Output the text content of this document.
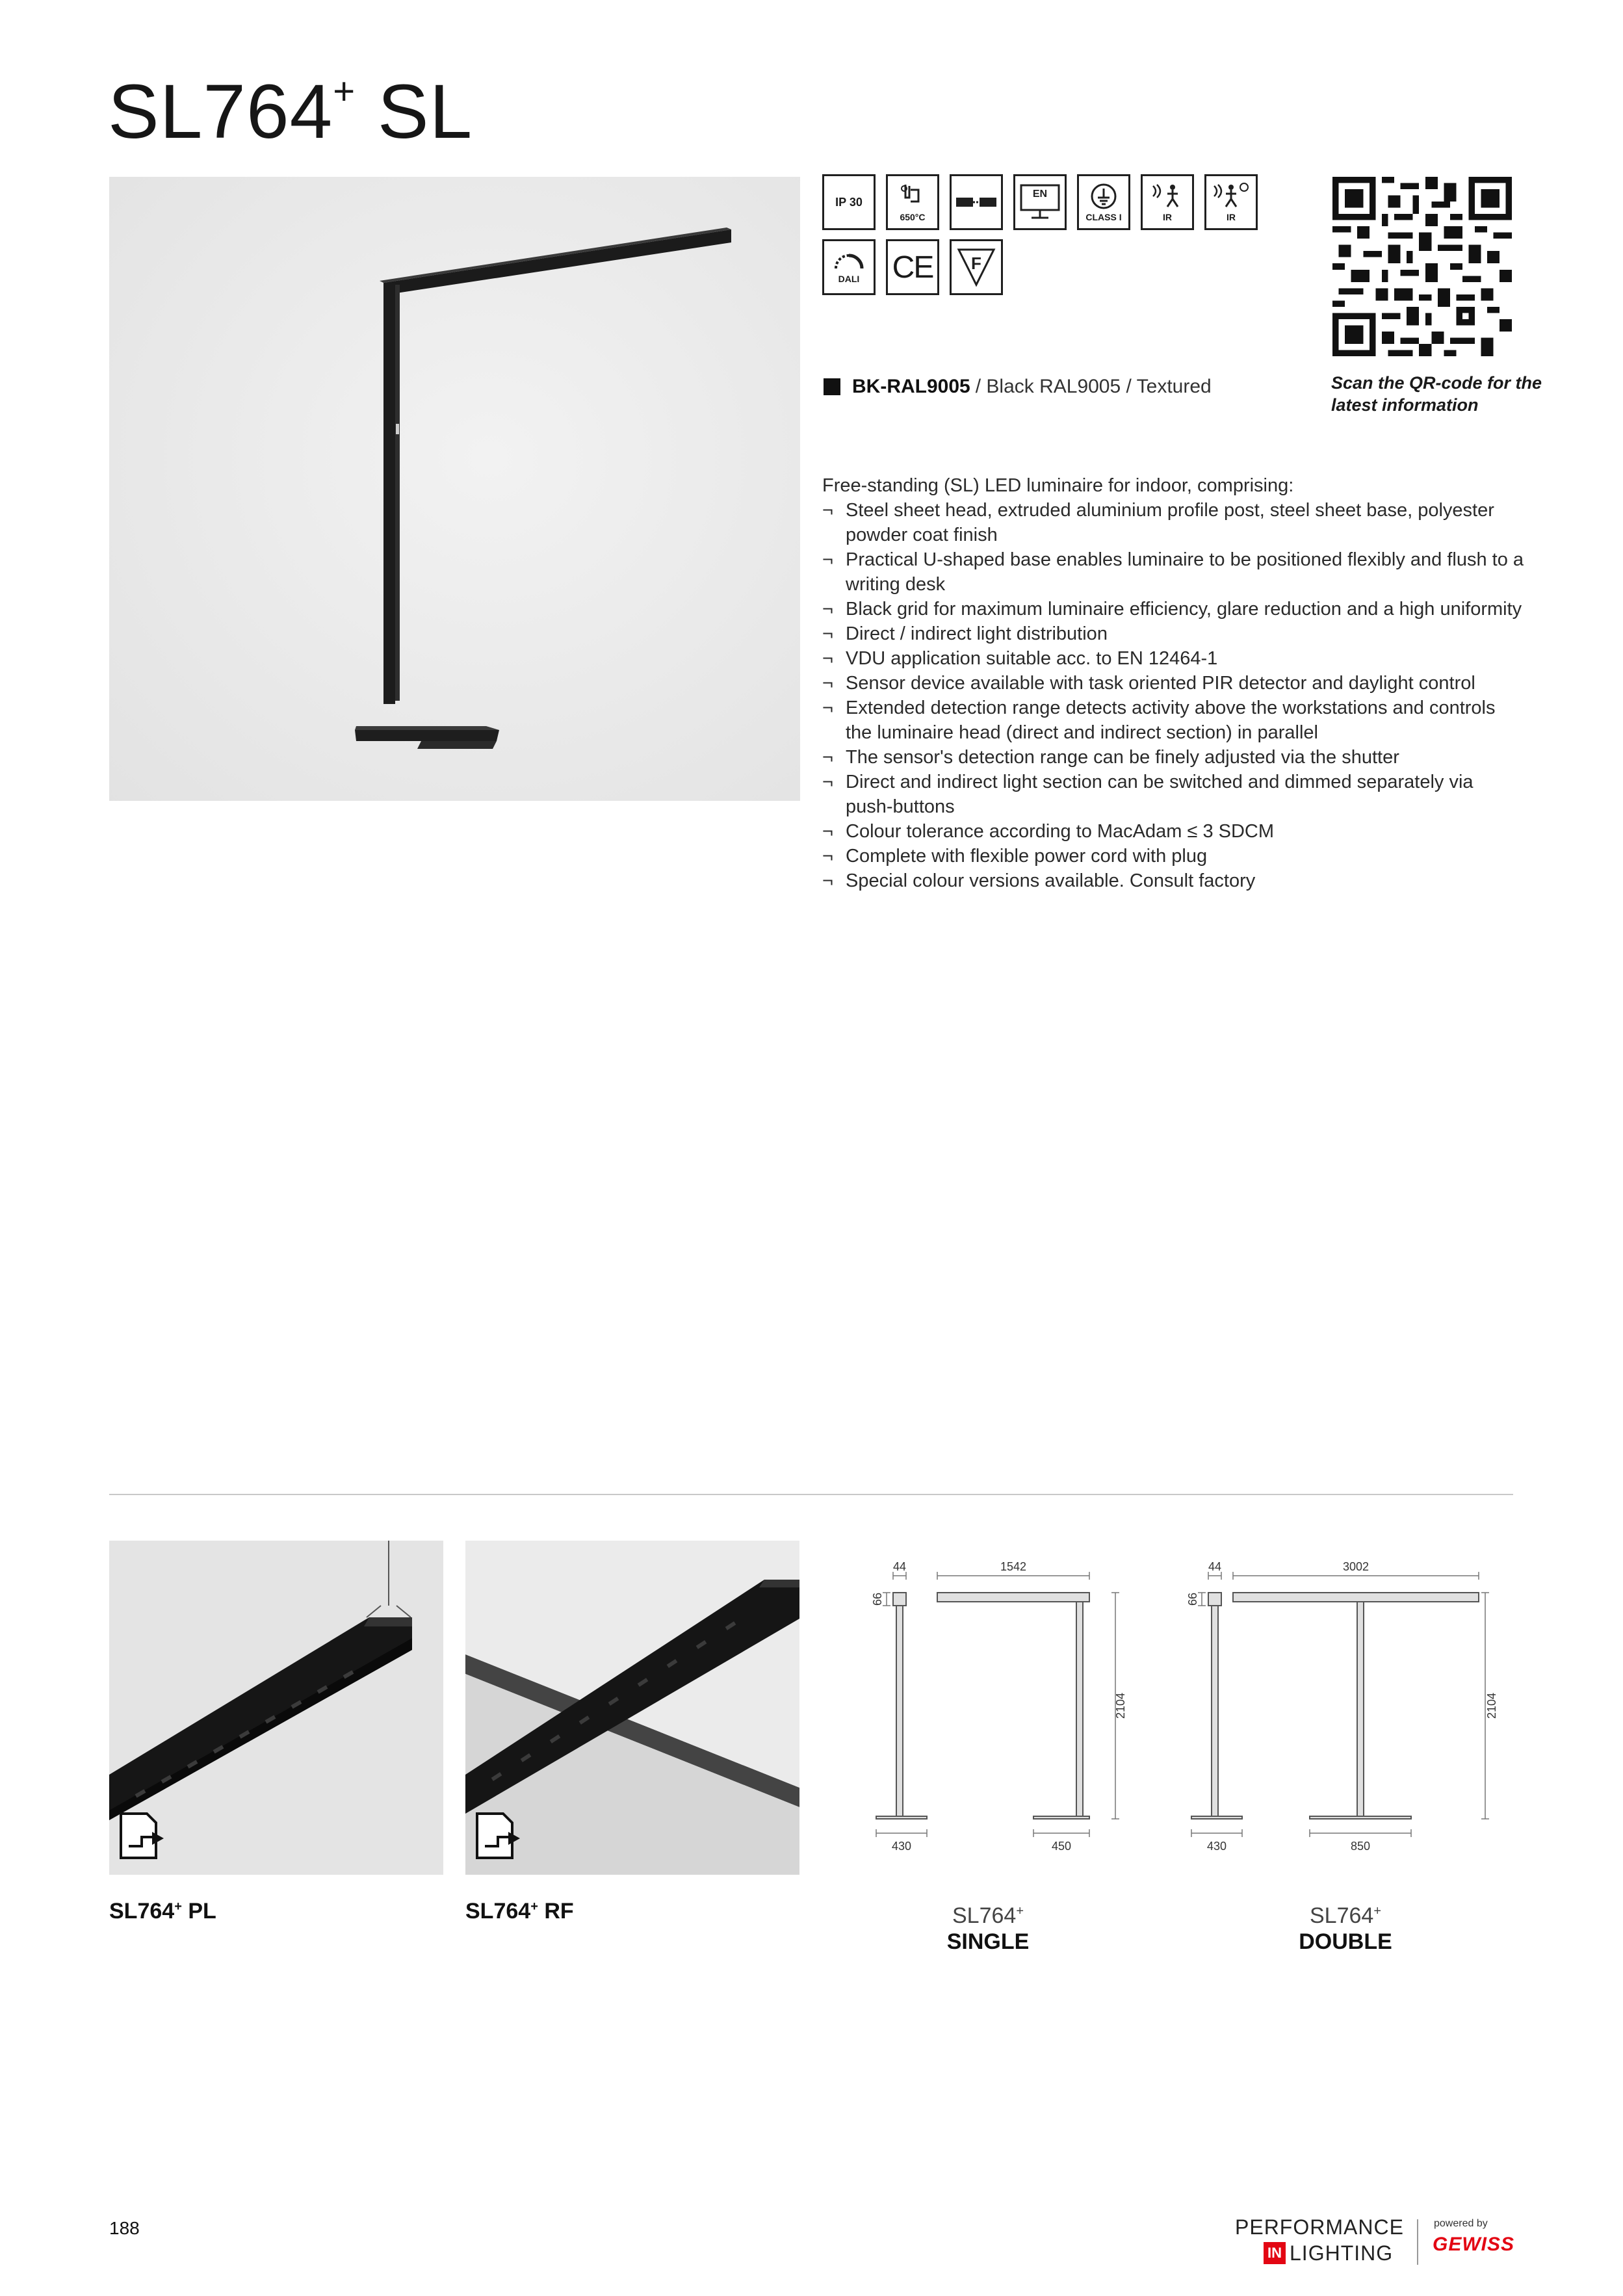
SL764+ SL
IP 30
650°C
EN
CLASS I	IR	IR
DALI CE F
Scan the QR-code for the latest information
BK-RAL9005 / Black RAL9005 / Textured

Free-standing (SL) LED luminaire for indoor, comprising:

¬ Steel sheet head, extruded aluminium profile post, steel sheet base, polyester powder coat finish
¬ Practical U-shaped base enables luminaire to be positioned flexibly and flush to a writing desk
¬ Black grid for maximum luminaire efficiency, glare reduction and a high uniformity
¬ Direct / indirect light distribution
¬ VDU application suitable acc. to EN 12464-1
¬ Sensor device available with task oriented PIR detector and daylight control
¬ Extended detection range detects activity above the workstations and controls the luminaire head (direct and indirect section) in parallel
¬ The sensor's detection range can be finely adjusted via the shutter
¬ Direct and indirect light section can be switched and dimmed separately via push-buttons
¬ Colour tolerance according to MacAdam ≤ 3 SDCM
¬ Complete with flexible power cord with plug
¬ Special colour versions available. Consult factory
SL764+ PL	SL764+ RF
44	1542
66
2104
430	450
SL764+
SINGLE
44	3002
66
2104
430	850
SL764+
DOUBLE
188	PERFORMANCE
IN LIGHTING
powered by
GEWISS
